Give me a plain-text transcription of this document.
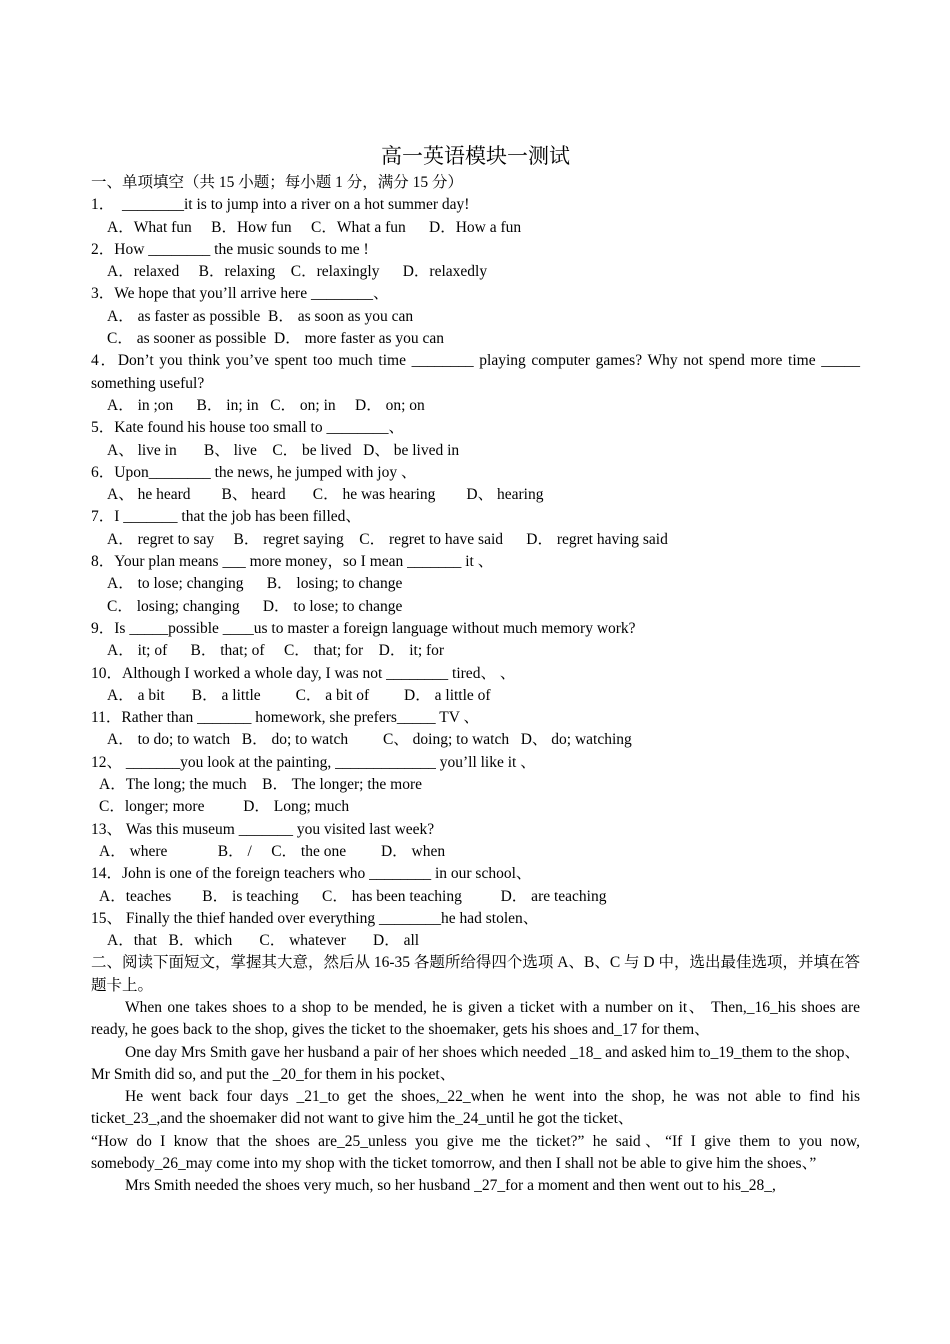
高一英语模块一测试
一、单项填空（共 15 小题；每小题 1 分，满分 15 分）
1．  ________it is to jump into a river on a hot summer day!
A．What fun     B．How fun     C．What a fun      D．How a fun
2．How ________ the music sounds to me !
A．relaxed     B．relaxing    C．relaxingly      D．relaxedly
3．We hope that you’ll arrive here ________、
A． as faster as possible  B． as soon as you can
C． as sooner as possible  D． more faster as you can
4．Don’t you think you’ve spent too much time ________ playing computer games? Why not spend more time _____ something useful?
A． in ;on      B． in; in   C． on; in     D． on; on
5．Kate found his house too small to ________、
A、 live in       B、 live    C． be lived   D、 be lived in
6．Upon________ the news, he jumped with joy 、
A、 he heard        B、 heard       C． he was hearing        D、 hearing
7．I _______ that the job has been filled、
A． regret to say     B． regret saying    C． regret to have said      D． regret having said
8．Your plan means ___ more money，so I mean _______ it 、
A． to lose; changing      B． losing; to change
C． losing; changing      D． to lose; to change
9．Is _____possible ____us to master a foreign language without much memory work?
A． it; of      B． that; of     C． that; for    D． it; for
10．Although I worked a whole day, I was not ________ tired、 、
A． a bit       B． a little         C． a bit of         D． a little of
11．Rather than _______ homework, she prefers_____ TV 、
A． to do; to watch   B． do; to watch         C、 doing; to watch   D、 do; watching
12、 _______you look at the painting, _____________ you’ll like it 、
A．The long; the much    B． The longer; the more
C．longer; more          D． Long; much
13、 Was this museum _______ you visited last week?
A． where             B． /     C． the one         D． when
14．John is one of the foreign teachers who ________ in our school、
A．teaches        B． is teaching      C． has been teaching          D． are teaching
15、 Finally the thief handed over everything ________he had stolen、
A．that   B．which       C． whatever       D． all
二、阅读下面短文，掌握其大意，然后从 16-35 各题所给得四个选项 A、B、C 与 D 中，选出最佳选项，并填在答题卡上。
When one takes shoes to a shop to be mended, he is given a ticket with a number on it、 Then,_16_his shoes are ready, he goes back to the shop, gives the ticket to the shoemaker, gets his shoes and_17 for them、
One day Mrs Smith gave her husband a pair of her shoes which needed _18_ and asked him to_19_them to the shop、 Mr Smith did so, and put the _20_for them in his pocket、
He went back four days _21_to get the shoes,_22_when he went into the shop, he was not able to find his ticket_23_,and the shoemaker did not want to give him the_24_until he got the ticket、
“How do I know that the shoes are_25_unless you give me the ticket?” he said、“If I give them to you now, somebody_26_may come into my shop with the ticket tomorrow, and then I shall not be able to give him the shoes、”
Mrs Smith needed the shoes very much, so her husband _27_for a moment and then went out to his_28_,
